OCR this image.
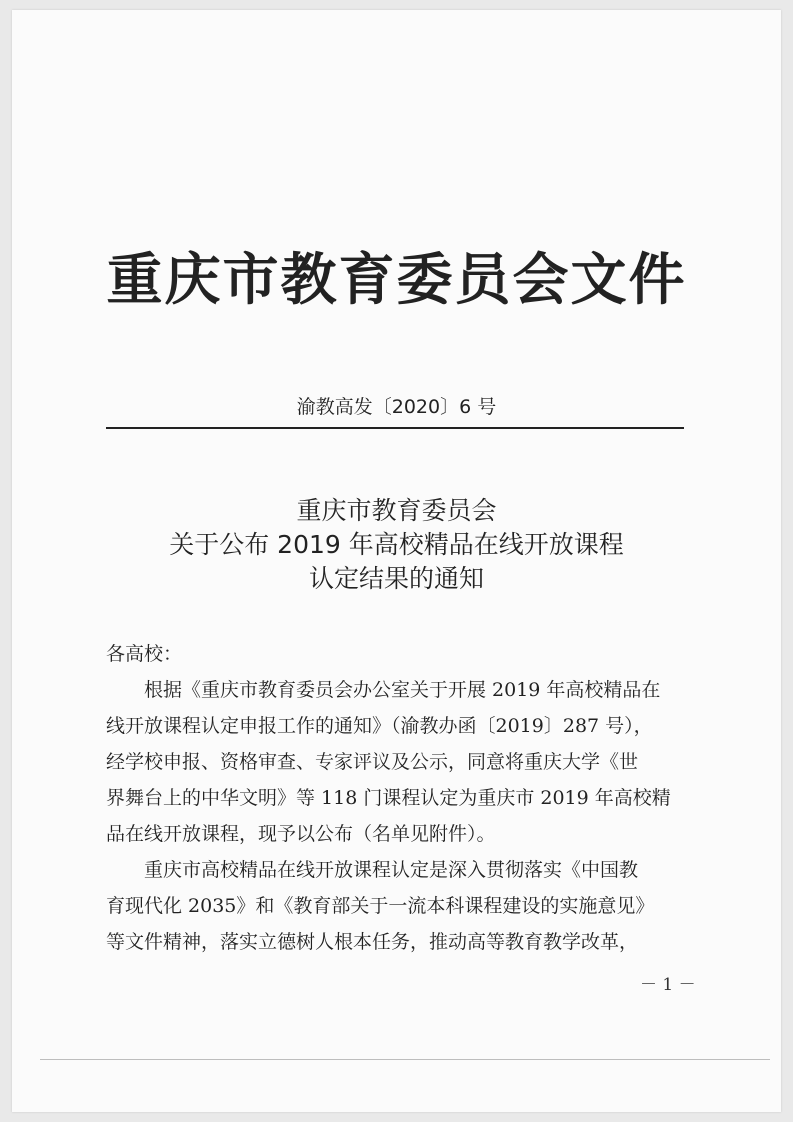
重庆市教育委员会文件
渝教高发〔2020〕6 号
重庆市教育委员会
关于公布 2019 年高校精品在线开放课程
认定结果的通知
各高校：
　　根据《重庆市教育委员会办公室关于开展 2019 年高校精品在
线开放课程认定申报工作的通知》（渝教办函〔2019〕287 号），
经学校申报、资格审查、专家评议及公示，同意将重庆大学《世
界舞台上的中华文明》等 118 门课程认定为重庆市 2019 年高校精
品在线开放课程，现予以公布（名单见附件）。
　　重庆市高校精品在线开放课程认定是深入贯彻落实《中国教
育现代化 2035》和《教育部关于一流本科课程建设的实施意见》
等文件精神，落实立德树人根本任务，推动高等教育教学改革，
－ 1 －
